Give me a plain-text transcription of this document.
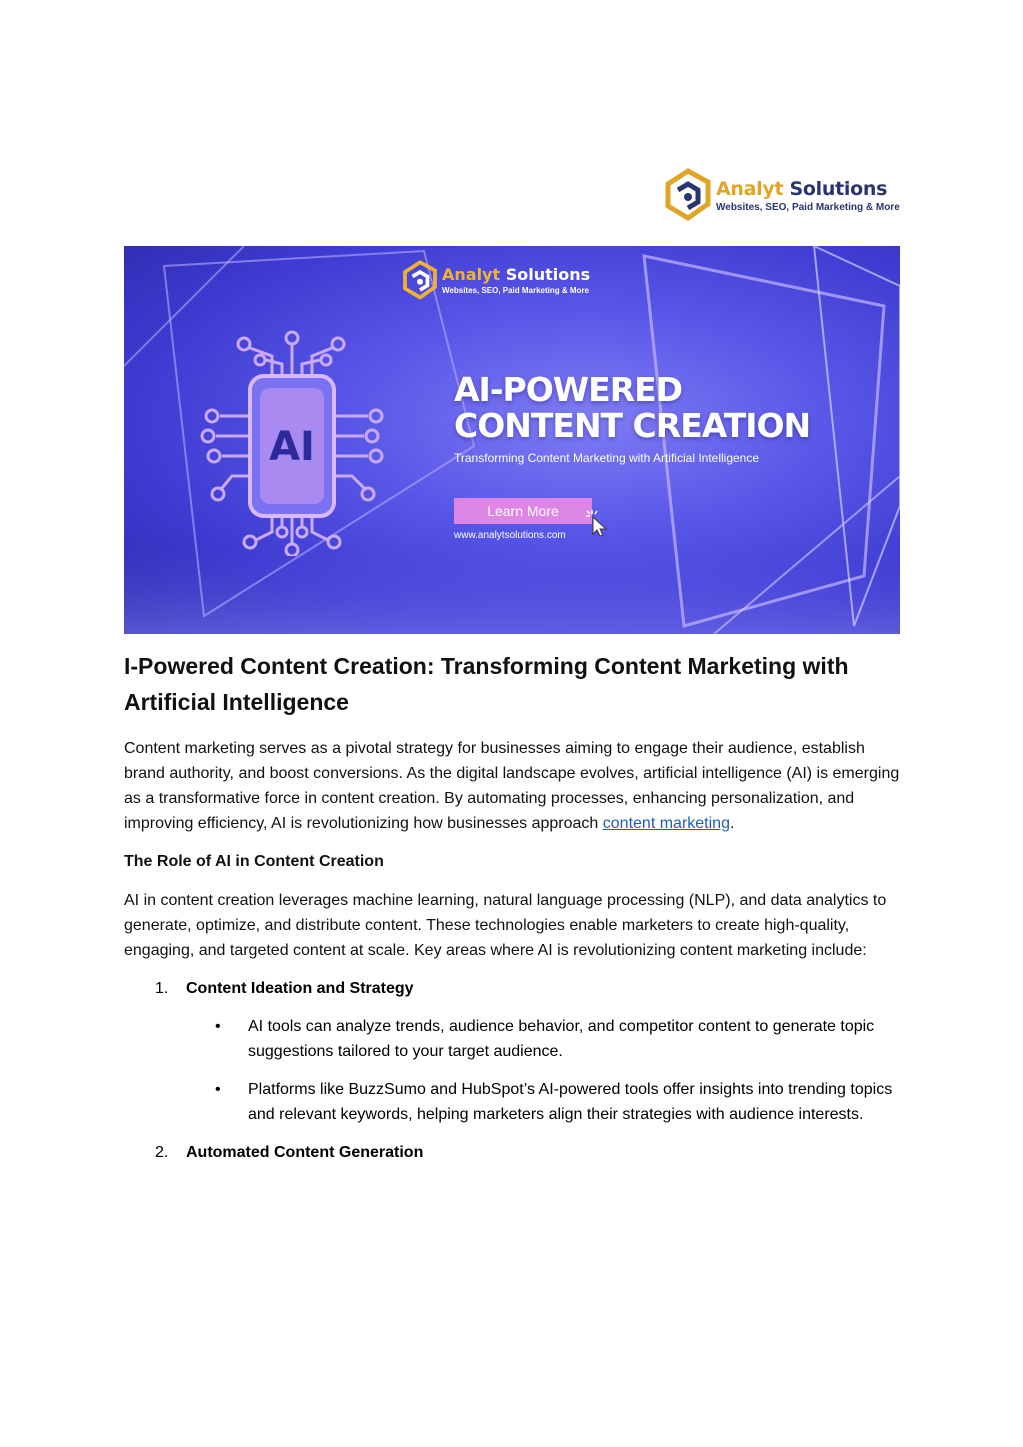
Analyt Solutions
Websites, SEO, Paid Marketing & More
Analyt Solutions
Websites, SEO, Paid Marketing & More
AI
AI-POWERED
CONTENT CREATION
Transforming Content Marketing with Artificial Intelligence
Learn More
www.analytsolutions.com
I-Powered Content Creation: Transforming Content Marketing with
Artificial Intelligence

Content marketing serves as a pivotal strategy for businesses aiming to engage their audience, establish brand authority, and boost conversions. As the digital landscape evolves, artificial intelligence (AI) is emerging as a transformative force in content creation. By automating processes, enhancing personalization, and improving efficiency, AI is revolutionizing how businesses approach content marketing.

The Role of AI in Content Creation

AI in content creation leverages machine learning, natural language processing (NLP), and data analytics to generate, optimize, and distribute content. These technologies enable marketers to create high-quality, engaging, and targeted content at scale. Key areas where AI is revolutionizing content marketing include:

1. Content Ideation and Strategy
• AI tools can analyze trends, audience behavior, and competitor content to generate topic suggestions tailored to your target audience.
• Platforms like BuzzSumo and HubSpot’s AI-powered tools offer insights into trending topics and relevant keywords, helping marketers align their strategies with audience interests.
2. Automated Content Generation
